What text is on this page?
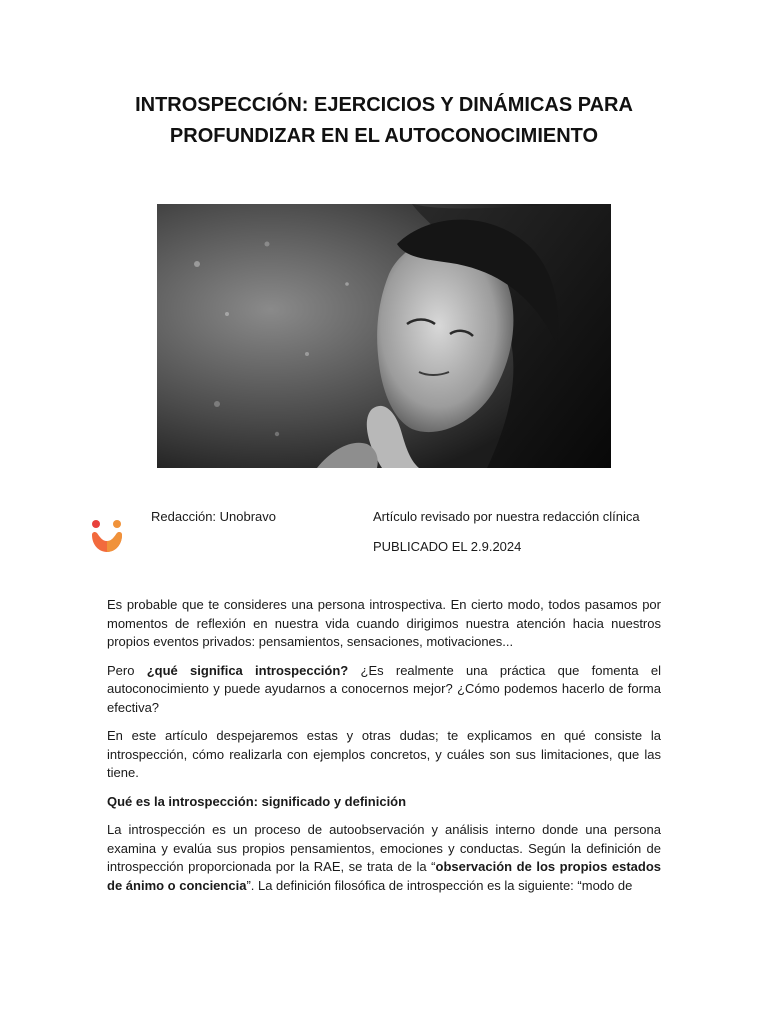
INTROSPECCIÓN: EJERCICIOS Y DINÁMICAS PARA PROFUNDIZAR EN EL AUTOCONOCIMIENTO
Redacción: Unobravo	Artículo revisado por nuestra redacción clínica
PUBLICADO EL 2.9.2024

Es probable que te consideres una persona introspectiva. En cierto modo, todos pasamos por momentos de reflexión en nuestra vida cuando dirigimos nuestra atención hacia nuestros propios eventos privados: pensamientos, sensaciones, motivaciones...

Pero ¿qué significa introspección? ¿Es realmente una práctica que fomenta el autoconocimiento y puede ayudarnos a conocernos mejor? ¿Cómo podemos hacerlo de forma efectiva?

En este artículo despejaremos estas y otras dudas; te explicamos en qué consiste la introspección, cómo realizarla con ejemplos concretos, y cuáles son sus limitaciones, que las tiene.

Qué es la introspección: significado y definición

La introspección es un proceso de autoobservación y análisis interno donde una persona examina y evalúa sus propios pensamientos, emociones y conductas. Según la definición de introspección proporcionada por la RAE, se trata de la “observación de los propios estados de ánimo o conciencia”. La definición filosófica de introspección es la siguiente: “modo de
